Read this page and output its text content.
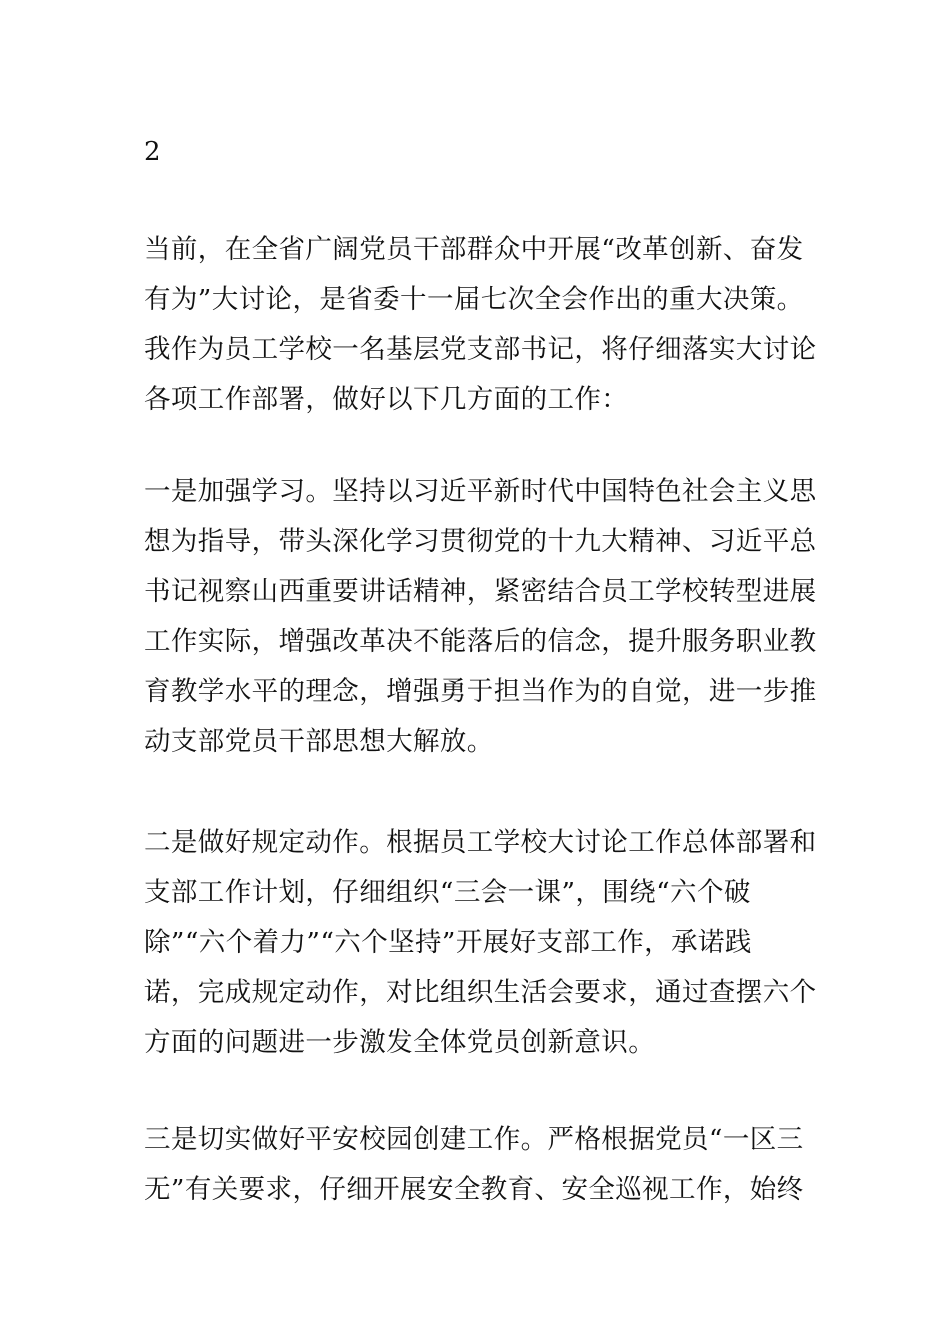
2

当前，在全省广阔党员干部群众中开展“改革创新、奋发
有为”大讨论，是省委十一届七次全会作出的重大决策。
我作为员工学校一名基层党支部书记，将仔细落实大讨论
各项工作部署，做好以下几方面的工作：

一是加强学习。坚持以习近平新时代中国特色社会主义思
想为指导，带头深化学习贯彻党的十九大精神、习近平总
书记视察山西重要讲话精神，紧密结合员工学校转型进展
工作实际，增强改革决不能落后的信念，提升服务职业教
育教学水平的理念，增强勇于担当作为的自觉，进一步推
动支部党员干部思想大解放。

二是做好规定动作。根据员工学校大讨论工作总体部署和
支部工作计划，仔细组织“三会一课”，围绕“六个破
除”“六个着力”“六个坚持”开展好支部工作，承诺践
诺，完成规定动作，对比组织生活会要求，通过查摆六个
方面的问题进一步激发全体党员创新意识。

三是切实做好平安校园创建工作。严格根据党员“一区三
无”有关要求，仔细开展安全教育、安全巡视工作，始终
